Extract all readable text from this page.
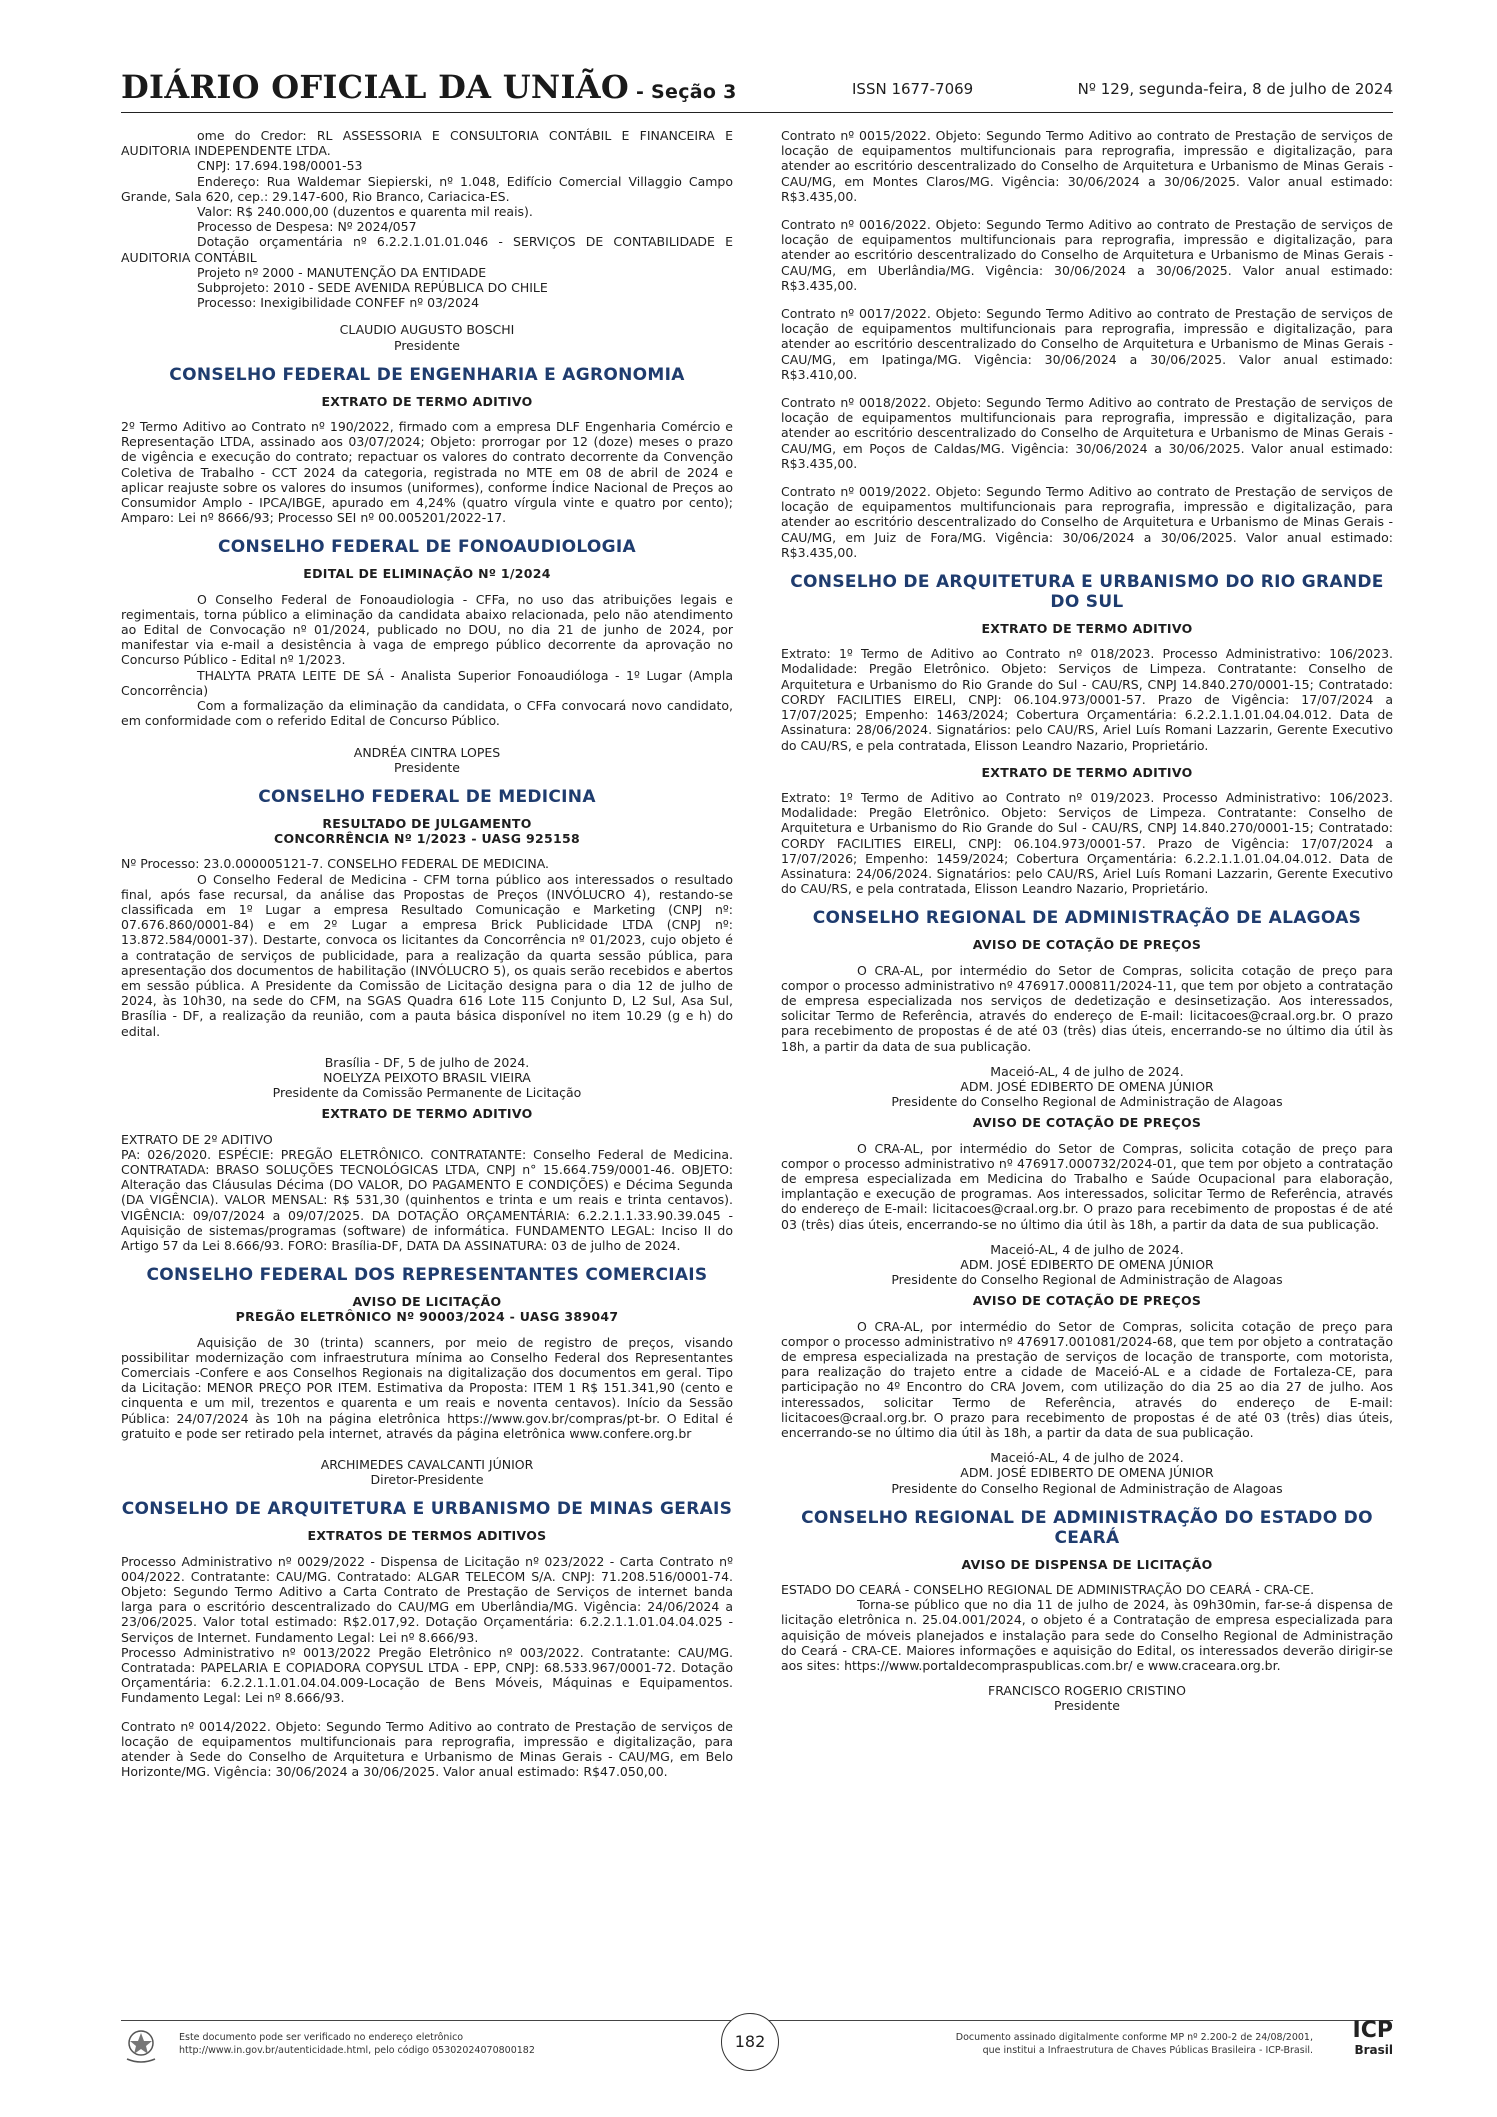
DIÁRIO OFICIAL DA UNIÃO - Seção 3	ISSN 1677-7069	Nº 129, segunda-feira, 8 de julho de 2024

ome do Credor: RL ASSESSORIA E CONSULTORIA CONTÁBIL E FINANCEIRA E AUDITORIA INDEPENDENTE LTDA.

CNPJ: 17.694.198/0001-53

Endereço: Rua Waldemar Siepierski, nº 1.048, Edifício Comercial Villaggio Campo Grande, Sala 620, cep.: 29.147-600, Rio Branco, Cariacica-ES.

Valor: R$ 240.000,00 (duzentos e quarenta mil reais).

Processo de Despesa: Nº 2024/057

Dotação orçamentária nº 6.2.2.1.01.01.046 - SERVIÇOS DE CONTABILIDADE E AUDITORIA CONTÁBIL

Projeto nº 2000 - MANUTENÇÃO DA ENTIDADE

Subprojeto: 2010 - SEDE AVENIDA REPÚBLICA DO CHILE

Processo: Inexigibilidade CONFEF nº 03/2024

CLAUDIO AUGUSTO BOSCHI
Presidente
CONSELHO FEDERAL DE ENGENHARIA E AGRONOMIA
EXTRATO DE TERMO ADITIVO

2º Termo Aditivo ao Contrato nº 190/2022, firmado com a empresa DLF Engenharia Comércio e Representação LTDA, assinado aos 03/07/2024; Objeto: prorrogar por 12 (doze) meses o prazo de vigência e execução do contrato; repactuar os valores do contrato decorrente da Convenção Coletiva de Trabalho - CCT 2024 da categoria, registrada no MTE em 08 de abril de 2024 e aplicar reajuste sobre os valores do insumos (uniformes), conforme Índice Nacional de Preços ao Consumidor Amplo - IPCA/IBGE, apurado em 4,24% (quatro vírgula vinte e quatro por cento); Amparo: Lei nº 8666/93; Processo SEI nº 00.005201/2022-17.

CONSELHO FEDERAL DE FONOAUDIOLOGIA
EDITAL DE ELIMINAÇÃO Nº 1/2024

O Conselho Federal de Fonoaudiologia - CFFa, no uso das atribuições legais e regimentais, torna público a eliminação da candidata abaixo relacionada, pelo não atendimento ao Edital de Convocação nº 01/2024, publicado no DOU, no dia 21 de junho de 2024, por manifestar via e-mail a desistência à vaga de emprego público decorrente da aprovação no Concurso Público - Edital nº 1/2023.

THALYTA PRATA LEITE DE SÁ - Analista Superior Fonoaudióloga - 1º Lugar (Ampla Concorrência)

Com a formalização da eliminação da candidata, o CFFa convocará novo candidato, em conformidade com o referido Edital de Concurso Público.

ANDRÉA CINTRA LOPES
Presidente
CONSELHO FEDERAL DE MEDICINA
RESULTADO DE JULGAMENTO
CONCORRÊNCIA Nº 1/2023 - UASG 925158

Nº Processo: 23.0.000005121-7. CONSELHO FEDERAL DE MEDICINA.

O Conselho Federal de Medicina - CFM torna público aos interessados o resultado final, após fase recursal, da análise das Propostas de Preços (INVÓLUCRO 4), restando-se classificada em 1º Lugar a empresa Resultado Comunicação e Marketing (CNPJ nº: 07.676.860/0001-84) e em 2º Lugar a empresa Brick Publicidade LTDA (CNPJ nº: 13.872.584/0001-37). Destarte, convoca os licitantes da Concorrência nº 01/2023, cujo objeto é a contratação de serviços de publicidade, para a realização da quarta sessão pública, para apresentação dos documentos de habilitação (INVÓLUCRO 5), os quais serão recebidos e abertos em sessão pública. A Presidente da Comissão de Licitação designa para o dia 12 de julho de 2024, às 10h30, na sede do CFM, na SGAS Quadra 616 Lote 115 Conjunto D, L2 Sul, Asa Sul, Brasília - DF, a realização da reunião, com a pauta básica disponível no item 10.29 (g e h) do edital.

Brasília - DF, 5 de julho de 2024.
NOELYZA PEIXOTO BRASIL VIEIRA
Presidente da Comissão Permanente de Licitação
EXTRATO DE TERMO ADITIVO

EXTRATO DE 2º ADITIVO

PA: 026/2020. ESPÉCIE: PREGÃO ELETRÔNICO. CONTRATANTE: Conselho Federal de Medicina. CONTRATADA: BRASO SOLUÇÕES TECNOLÓGICAS LTDA, CNPJ n° 15.664.759/0001-46. OBJETO: Alteração das Cláusulas Décima (DO VALOR, DO PAGAMENTO E CONDIÇÕES) e Décima Segunda (DA VIGÊNCIA). VALOR MENSAL: R$ 531,30 (quinhentos e trinta e um reais e trinta centavos). VIGÊNCIA: 09/07/2024 a 09/07/2025. DA DOTAÇÃO ORÇAMENTÁRIA: 6.2.2.1.1.33.90.39.045 - Aquisição de sistemas/programas (software) de informática. FUNDAMENTO LEGAL: Inciso II do Artigo 57 da Lei 8.666/93. FORO: Brasília-DF, DATA DA ASSINATURA: 03 de julho de 2024.

CONSELHO FEDERAL DOS REPRESENTANTES COMERCIAIS
AVISO DE LICITAÇÃO
PREGÃO ELETRÔNICO Nº 90003/2024 - UASG 389047

Aquisição de 30 (trinta) scanners, por meio de registro de preços, visando possibilitar modernização com infraestrutura mínima ao Conselho Federal dos Representantes Comerciais -Confere e aos Conselhos Regionais na digitalização dos documentos em geral. Tipo da Licitação: MENOR PREÇO POR ITEM. Estimativa da Proposta: ITEM 1 R$ 151.341,90 (cento e cinquenta e um mil, trezentos e quarenta e um reais e noventa centavos). Início da Sessão Pública: 24/07/2024 às 10h na página eletrônica https://www.gov.br/compras/pt-br. O Edital é gratuito e pode ser retirado pela internet, através da página eletrônica www.confere.org.br

ARCHIMEDES CAVALCANTI JÚNIOR
Diretor-Presidente
CONSELHO DE ARQUITETURA E URBANISMO DE MINAS GERAIS
EXTRATOS DE TERMOS ADITIVOS

Processo Administrativo nº 0029/2022 - Dispensa de Licitação nº 023/2022 - Carta Contrato nº 004/2022. Contratante: CAU/MG. Contratado: ALGAR TELECOM S/A. CNPJ: 71.208.516/0001-74. Objeto: Segundo Termo Aditivo a Carta Contrato de Prestação de Serviços de internet banda larga para o escritório descentralizado do CAU/MG em Uberlândia/MG. Vigência: 24/06/2024 a 23/06/2025. Valor total estimado: R$2.017,92. Dotação Orçamentária: 6.2.2.1.1.01.04.04.025 - Serviços de Internet. Fundamento Legal: Lei nº 8.666/93.

Processo Administrativo nº 0013/2022 Pregão Eletrônico nº 003/2022. Contratante: CAU/MG. Contratada: PAPELARIA E COPIADORA COPYSUL LTDA - EPP, CNPJ: 68.533.967/0001-72. Dotação Orçamentária: 6.2.2.1.1.01.04.04.009-Locação de Bens Móveis, Máquinas e Equipamentos. Fundamento Legal: Lei nº 8.666/93.

Contrato nº 0014/2022. Objeto: Segundo Termo Aditivo ao contrato de Prestação de serviços de locação de equipamentos multifuncionais para reprografia, impressão e digitalização, para atender à Sede do Conselho de Arquitetura e Urbanismo de Minas Gerais - CAU/MG, em Belo Horizonte/MG. Vigência: 30/06/2024 a 30/06/2025. Valor anual estimado: R$47.050,00.

Contrato nº 0015/2022. Objeto: Segundo Termo Aditivo ao contrato de Prestação de serviços de locação de equipamentos multifuncionais para reprografia, impressão e digitalização, para atender ao escritório descentralizado do Conselho de Arquitetura e Urbanismo de Minas Gerais - CAU/MG, em Montes Claros/MG. Vigência: 30/06/2024 a 30/06/2025. Valor anual estimado: R$3.435,00.

Contrato nº 0016/2022. Objeto: Segundo Termo Aditivo ao contrato de Prestação de serviços de locação de equipamentos multifuncionais para reprografia, impressão e digitalização, para atender ao escritório descentralizado do Conselho de Arquitetura e Urbanismo de Minas Gerais - CAU/MG, em Uberlândia/MG. Vigência: 30/06/2024 a 30/06/2025. Valor anual estimado: R$3.435,00.

Contrato nº 0017/2022. Objeto: Segundo Termo Aditivo ao contrato de Prestação de serviços de locação de equipamentos multifuncionais para reprografia, impressão e digitalização, para atender ao escritório descentralizado do Conselho de Arquitetura e Urbanismo de Minas Gerais - CAU/MG, em Ipatinga/MG. Vigência: 30/06/2024 a 30/06/2025. Valor anual estimado: R$3.410,00.

Contrato nº 0018/2022. Objeto: Segundo Termo Aditivo ao contrato de Prestação de serviços de locação de equipamentos multifuncionais para reprografia, impressão e digitalização, para atender ao escritório descentralizado do Conselho de Arquitetura e Urbanismo de Minas Gerais - CAU/MG, em Poços de Caldas/MG. Vigência: 30/06/2024 a 30/06/2025. Valor anual estimado: R$3.435,00.

Contrato nº 0019/2022. Objeto: Segundo Termo Aditivo ao contrato de Prestação de serviços de locação de equipamentos multifuncionais para reprografia, impressão e digitalização, para atender ao escritório descentralizado do Conselho de Arquitetura e Urbanismo de Minas Gerais - CAU/MG, em Juiz de Fora/MG. Vigência: 30/06/2024 a 30/06/2025. Valor anual estimado: R$3.435,00.

CONSELHO DE ARQUITETURA E URBANISMO DO RIO GRANDE DO SUL
EXTRATO DE TERMO ADITIVO

Extrato: 1º Termo de Aditivo ao Contrato nº 018/2023. Processo Administrativo: 106/2023. Modalidade: Pregão Eletrônico. Objeto: Serviços de Limpeza. Contratante: Conselho de Arquitetura e Urbanismo do Rio Grande do Sul - CAU/RS, CNPJ 14.840.270/0001-15; Contratado: CORDY FACILITIES EIRELI, CNPJ: 06.104.973/0001-57. Prazo de Vigência: 17/07/2024 a 17/07/2025; Empenho: 1463/2024; Cobertura Orçamentária: 6.2.2.1.1.01.04.04.012. Data de Assinatura: 28/06/2024. Signatários: pelo CAU/RS, Ariel Luís Romani Lazzarin, Gerente Executivo do CAU/RS, e pela contratada, Elisson Leandro Nazario, Proprietário.

EXTRATO DE TERMO ADITIVO

Extrato: 1º Termo de Aditivo ao Contrato nº 019/2023. Processo Administrativo: 106/2023. Modalidade: Pregão Eletrônico. Objeto: Serviços de Limpeza. Contratante: Conselho de Arquitetura e Urbanismo do Rio Grande do Sul - CAU/RS, CNPJ 14.840.270/0001-15; Contratado: CORDY FACILITIES EIRELI, CNPJ: 06.104.973/0001-57. Prazo de Vigência: 17/07/2024 a 17/07/2026; Empenho: 1459/2024; Cobertura Orçamentária: 6.2.2.1.1.01.04.04.012. Data de Assinatura: 24/06/2024. Signatários: pelo CAU/RS, Ariel Luís Romani Lazzarin, Gerente Executivo do CAU/RS, e pela contratada, Elisson Leandro Nazario, Proprietário.

CONSELHO REGIONAL DE ADMINISTRAÇÃO DE ALAGOAS
AVISO DE COTAÇÃO DE PREÇOS

O CRA-AL, por intermédio do Setor de Compras, solicita cotação de preço para compor o processo administrativo nº 476917.000811/2024-11, que tem por objeto a contratação de empresa especializada nos serviços de dedetização e desinsetização. Aos interessados, solicitar Termo de Referência, através do endereço de E-mail: licitacoes@craal.org.br. O prazo para recebimento de propostas é de até 03 (três) dias úteis, encerrando-se no último dia útil às 18h, a partir da data de sua publicação.

Maceió-AL, 4 de julho de 2024.
ADM. JOSÉ EDIBERTO DE OMENA JÚNIOR
Presidente do Conselho Regional de Administração de Alagoas
AVISO DE COTAÇÃO DE PREÇOS

O CRA-AL, por intermédio do Setor de Compras, solicita cotação de preço para compor o processo administrativo nº 476917.000732/2024-01, que tem por objeto a contratação de empresa especializada em Medicina do Trabalho e Saúde Ocupacional para elaboração, implantação e execução de programas. Aos interessados, solicitar Termo de Referência, através do endereço de E-mail: licitacoes@craal.org.br. O prazo para recebimento de propostas é de até 03 (três) dias úteis, encerrando-se no último dia útil às 18h, a partir da data de sua publicação.

Maceió-AL, 4 de julho de 2024.
ADM. JOSÉ EDIBERTO DE OMENA JÚNIOR
Presidente do Conselho Regional de Administração de Alagoas
AVISO DE COTAÇÃO DE PREÇOS

O CRA-AL, por intermédio do Setor de Compras, solicita cotação de preço para compor o processo administrativo nº 476917.001081/2024-68, que tem por objeto a contratação de empresa especializada na prestação de serviços de locação de transporte, com motorista, para realização do trajeto entre a cidade de Maceió-AL e a cidade de Fortaleza-CE, para participação no 4º Encontro do CRA Jovem, com utilização do dia 25 ao dia 27 de julho. Aos interessados, solicitar Termo de Referência, através do endereço de E-mail: licitacoes@craal.org.br. O prazo para recebimento de propostas é de até 03 (três) dias úteis, encerrando-se no último dia útil às 18h, a partir da data de sua publicação.

Maceió-AL, 4 de julho de 2024.
ADM. JOSÉ EDIBERTO DE OMENA JÚNIOR
Presidente do Conselho Regional de Administração de Alagoas
CONSELHO REGIONAL DE ADMINISTRAÇÃO DO ESTADO DO CEARÁ
AVISO DE DISPENSA DE LICITAÇÃO

ESTADO DO CEARÁ - CONSELHO REGIONAL DE ADMINISTRAÇÃO DO CEARÁ - CRA-CE.

Torna-se público que no dia 11 de julho de 2024, às 09h30min, far-se-á dispensa de licitação eletrônica n. 25.04.001/2024, o objeto é a Contratação de empresa especializada para aquisição de móveis planejados e instalação para sede do Conselho Regional de Administração do Ceará - CRA-CE. Maiores informações e aquisição do Edital, os interessados deverão dirigir-se aos sites: https://www.portaldecompraspublicas.com.br/ e www.craceara.org.br.

FRANCISCO ROGERIO CRISTINO
Presidente
Este documento pode ser verificado no endereço eletrônico
http://www.in.gov.br/autenticidade.html, pelo código 05302024070800182	182	Documento assinado digitalmente conforme MP nº 2.200-2 de 24/08/2001,
que institui a Infraestrutura de Chaves Públicas Brasileira - ICP-Brasil.
ICP
Brasil
